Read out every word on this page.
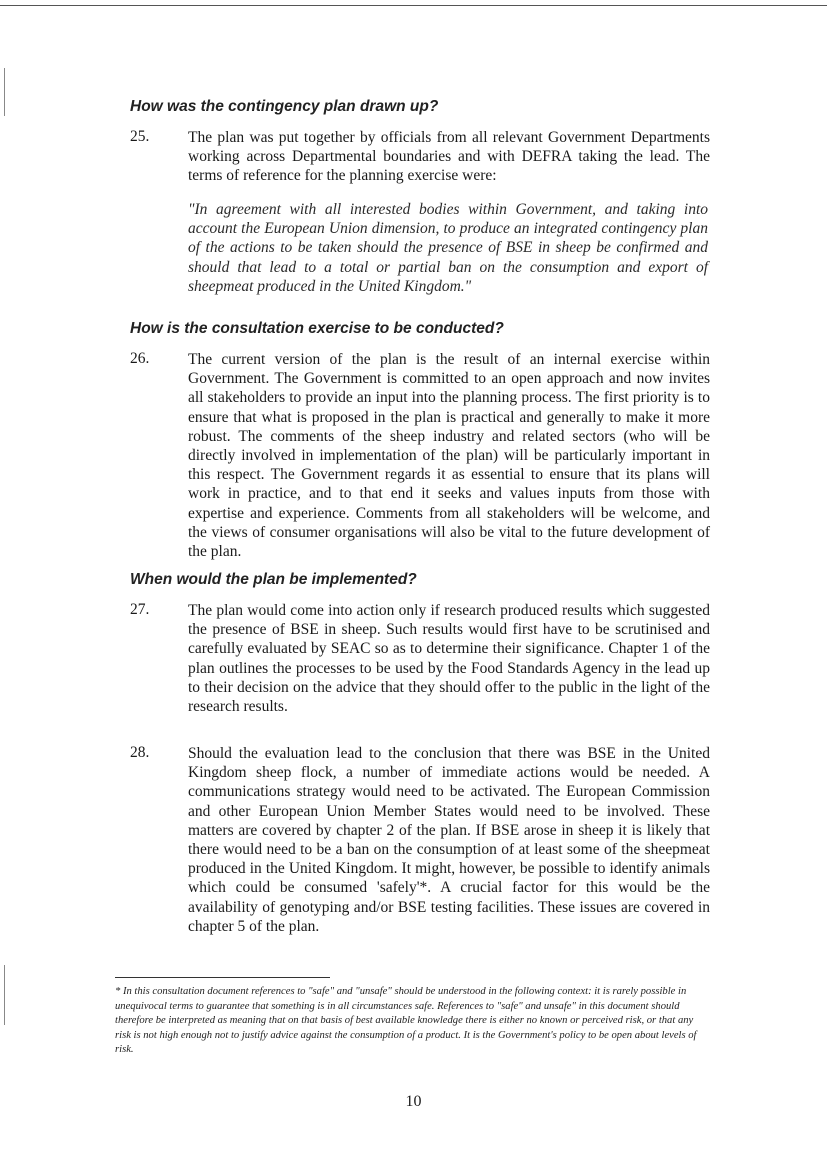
How was the contingency plan drawn up?
25. The plan was put together by officials from all relevant Government Departments working across Departmental boundaries and with DEFRA taking the lead. The terms of reference for the planning exercise were:

"In agreement with all interested bodies within Government, and taking into account the European Union dimension, to produce an integrated contingency plan of the actions to be taken should the presence of BSE in sheep be confirmed and should that lead to a total or partial ban on the consumption and export of sheepmeat produced in the United Kingdom."

How is the consultation exercise to be conducted?
26. The current version of the plan is the result of an internal exercise within Government. The Government is committed to an open approach and now invites all stakeholders to provide an input into the planning process. The first priority is to ensure that what is proposed in the plan is practical and generally to make it more robust. The comments of the sheep industry and related sectors (who will be directly involved in implementation of the plan) will be particularly important in this respect. The Government regards it as essential to ensure that its plans will work in practice, and to that end it seeks and values inputs from those with expertise and experience. Comments from all stakeholders will be welcome, and the views of consumer organisations will also be vital to the future development of the plan.

When would the plan be implemented?
27. The plan would come into action only if research produced results which suggested the presence of BSE in sheep. Such results would first have to be scrutinised and carefully evaluated by SEAC so as to determine their significance. Chapter 1 of the plan outlines the processes to be used by the Food Standards Agency in the lead up to their decision on the advice that they should offer to the public in the light of the research results.

28. Should the evaluation lead to the conclusion that there was BSE in the United Kingdom sheep flock, a number of immediate actions would be needed. A communications strategy would need to be activated. The European Commission and other European Union Member States would need to be involved. These matters are covered by chapter 2 of the plan. If BSE arose in sheep it is likely that there would need to be a ban on the consumption of at least some of the sheepmeat produced in the United Kingdom. It might, however, be possible to identify animals which could be consumed 'safely'*. A crucial factor for this would be the availability of genotyping and/or BSE testing facilities. These issues are covered in chapter 5 of the plan.

* In this consultation document references to "safe" and "unsafe" should be understood in the following context: it is rarely possible in unequivocal terms to guarantee that something is in all circumstances safe. References to "safe" and unsafe" in this document should therefore be interpreted as meaning that on that basis of best available knowledge there is either no known or perceived risk, or that any risk is not high enough not to justify advice against the consumption of a product. It is the Government's policy to be open about levels of risk.

10
